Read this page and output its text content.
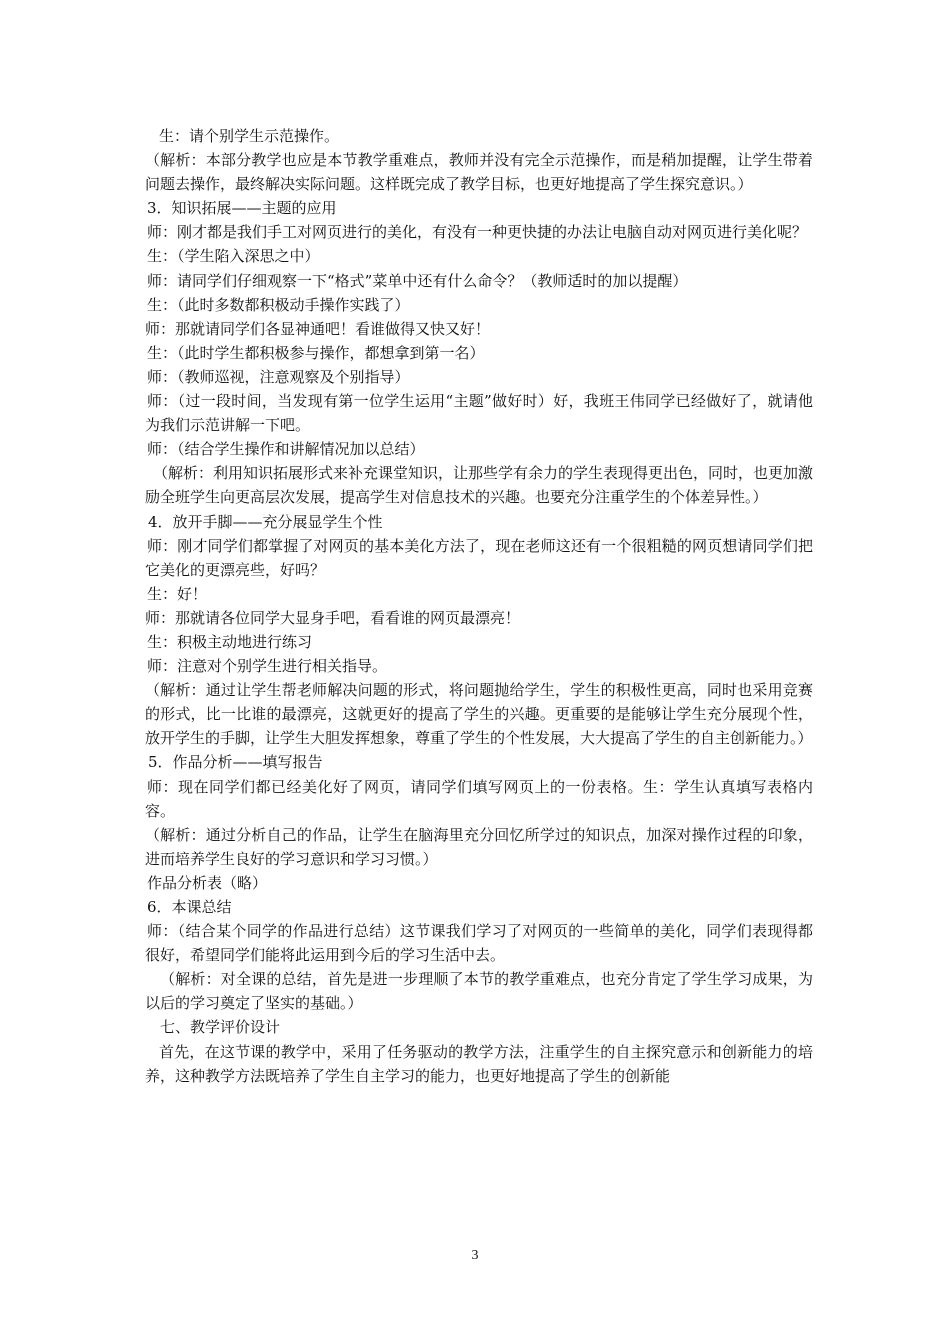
生：请个别学生示范操作。

（解析：本部分教学也应是本节教学重难点，教师并没有完全示范操作，而是稍加提醒，让学生带着问题去操作，最终解决实际问题。这样既完成了教学目标，也更好地提高了学生探究意识。）

3．知识拓展——主题的应用

师：刚才都是我们手工对网页进行的美化，有没有一种更快捷的办法让电脑自动对网页进行美化呢？

生：（学生陷入深思之中）

师：请同学们仔细观察一下“格式”菜单中还有什么命令？（教师适时的加以提醒）

生：（此时多数都积极动手操作实践了）

师：那就请同学们各显神通吧！看谁做得又快又好！

生：（此时学生都积极参与操作，都想拿到第一名）

师：（教师巡视，注意观察及个别指导）

师：（过一段时间，当发现有第一位学生运用“主题”做好时）好，我班王伟同学已经做好了，就请他为我们示范讲解一下吧。

师：（结合学生操作和讲解情况加以总结）

（解析：利用知识拓展形式来补充课堂知识，让那些学有余力的学生表现得更出色，同时，也更加激励全班学生向更高层次发展，提高学生对信息技术的兴趣。也要充分注重学生的个体差异性。）

4．放开手脚——充分展显学生个性

师：刚才同学们都掌握了对网页的基本美化方法了，现在老师这还有一个很粗糙的网页想请同学们把它美化的更漂亮些，好吗？

生：好！

师：那就请各位同学大显身手吧，看看谁的网页最漂亮！

生：积极主动地进行练习

师：注意对个别学生进行相关指导。

（解析：通过让学生帮老师解决问题的形式，将问题抛给学生，学生的积极性更高，同时也采用竞赛的形式，比一比谁的最漂亮，这就更好的提高了学生的兴趣。更重要的是能够让学生充分展现个性，放开学生的手脚，让学生大胆发挥想象，尊重了学生的个性发展，大大提高了学生的自主创新能力。）

5．作品分析——填写报告

师：现在同学们都已经美化好了网页，请同学们填写网页上的一份表格。生：学生认真填写表格内容。

（解析：通过分析自己的作品，让学生在脑海里充分回忆所学过的知识点，加深对操作过程的印象，进而培养学生良好的学习意识和学习习惯。）

作品分析表（略）

6．本课总结

师：（结合某个同学的作品进行总结）这节课我们学习了对网页的一些简单的美化，同学们表现得都很好，希望同学们能将此运用到今后的学习生活中去。

（解析：对全课的总结，首先是进一步理顺了本节的教学重难点，也充分肯定了学生学习成果，为以后的学习奠定了坚实的基础。）

七、教学评价设计

首先，在这节课的教学中，采用了任务驱动的教学方法，注重学生的自主探究意示和创新能力的培养，这种教学方法既培养了学生自主学习的能力，也更好地提高了学生的创新能

3
